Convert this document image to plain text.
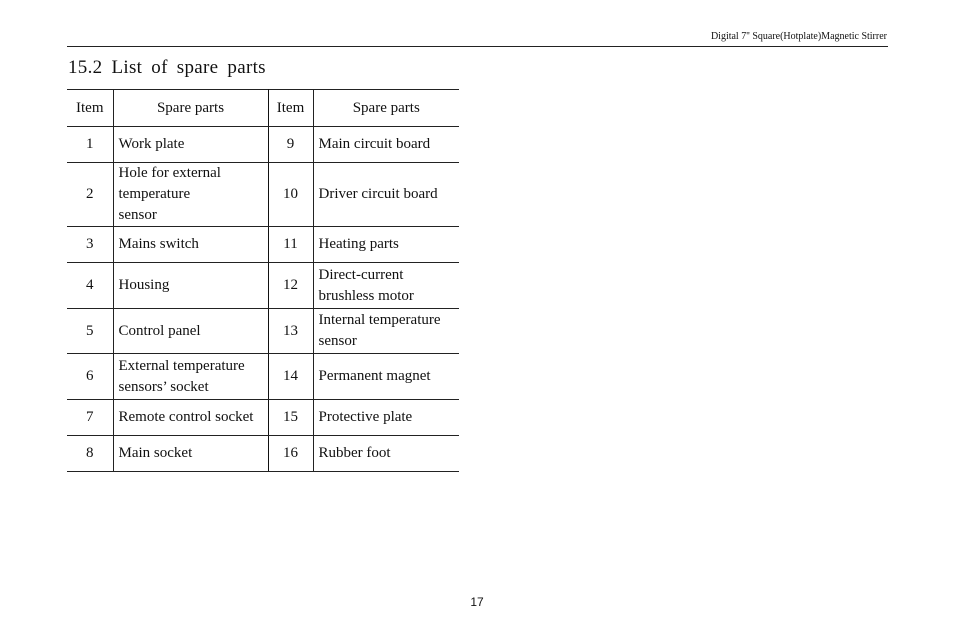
Digital 7'' Square(Hotplate)Magnetic Stirrer
15.2 List of spare parts
Item	Spare parts	Item	Spare parts
1	Work plate	9	Main circuit board
2	Hole for external
temperature
sensor	10	Driver circuit board
3	Mains switch	11	Heating parts
4	Housing	12	Direct-current
brushless motor
5	Control panel	13	Internal temperature
sensor
6	External temperature
sensors’ socket	14	Permanent magnet
7	Remote control socket	15	Protective plate
8	Main socket	16	Rubber foot
17
